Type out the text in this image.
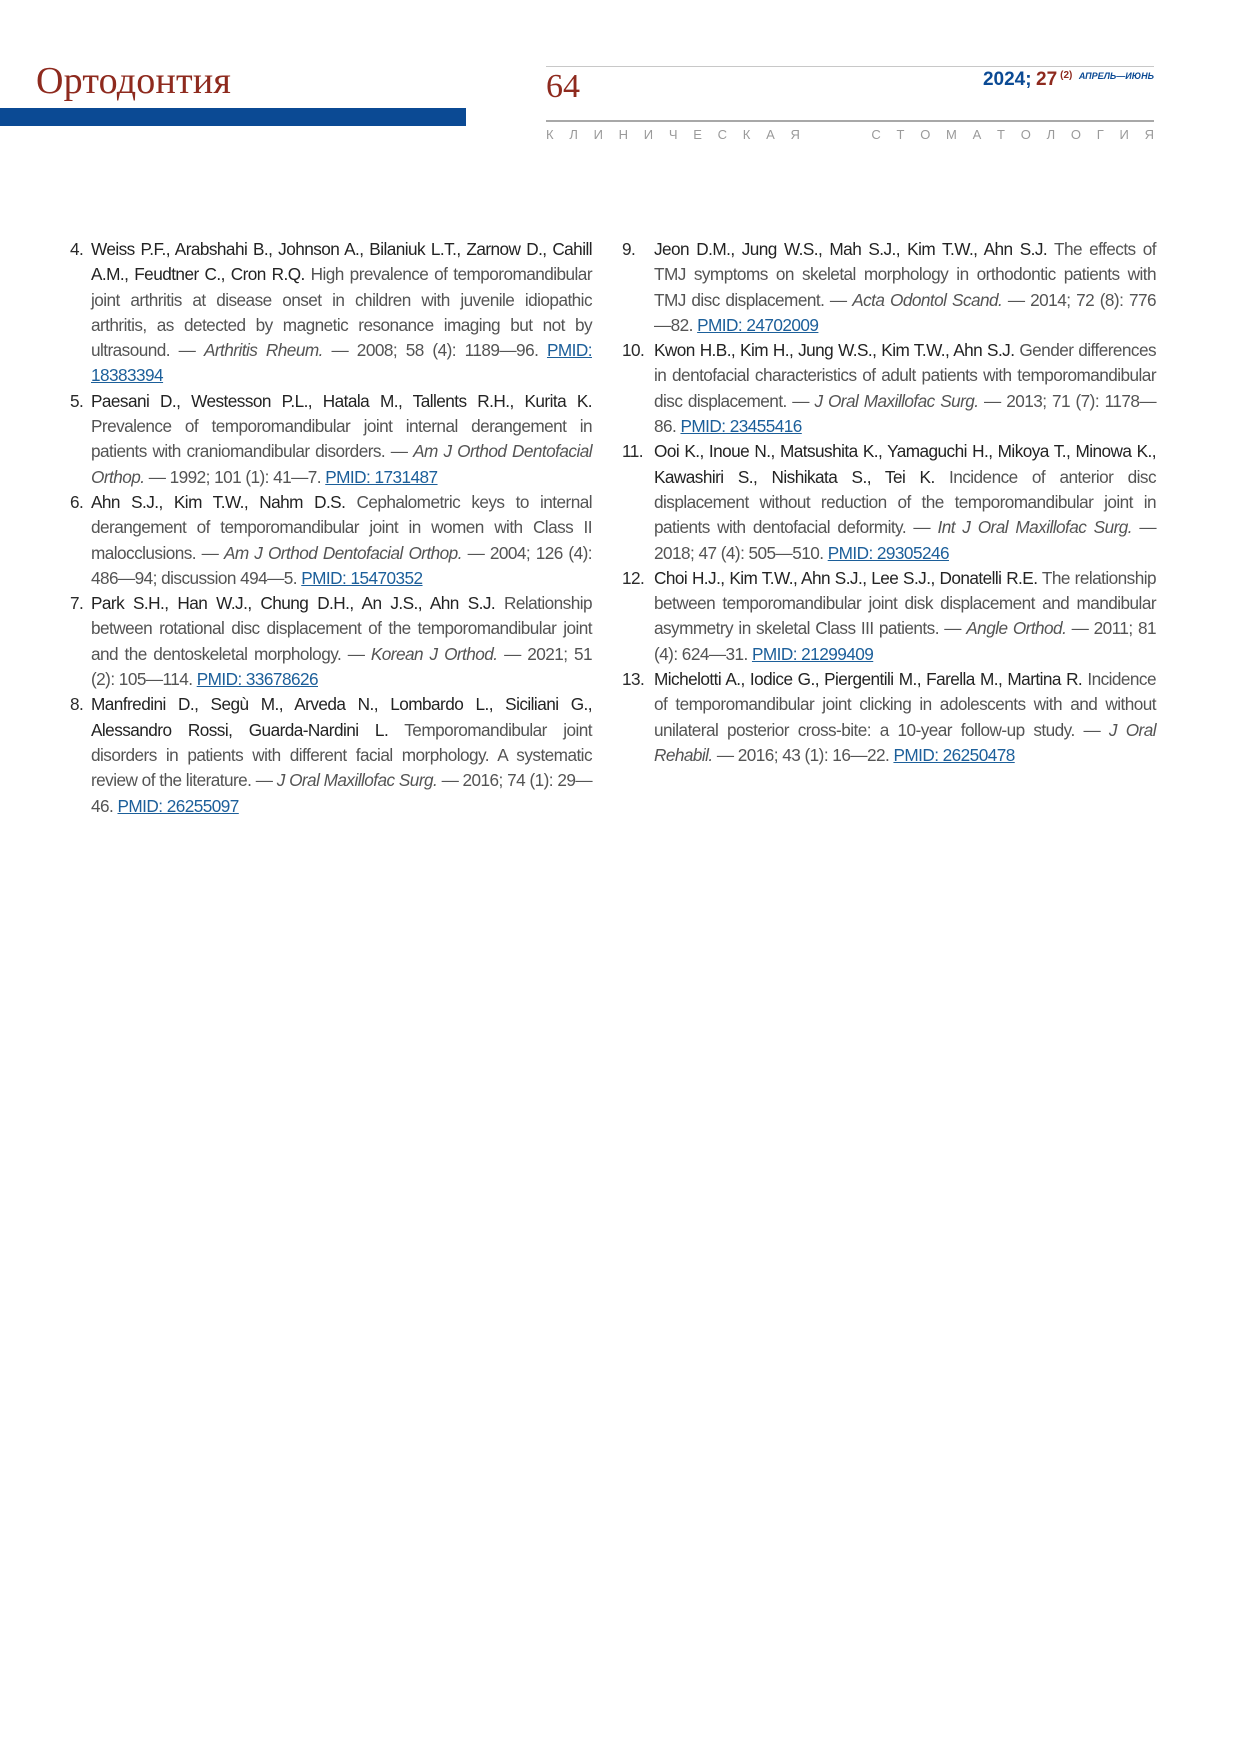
Ортодонтия	64	2024; 27 $^{(2)}$ $^{АПРЕЛЬ—ИЮНЬ}$
К Л И Н И Ч Е С К А Я	С Т О М А Т О Л О Г И Я
4. Weiss P.F., Arabshahi B., Johnson A., Bilaniuk L.T., Zarnow D., Cahill A.M., Feudtner C., Cron R.Q. High prevalence of temporomandibular joint arthritis at disease onset in children with juvenile idiopathic arthritis, as detected by magnetic resonance imaging but not by ultrasound. — Arthritis Rheum. — 2008; 58 (4): 1189—96. PMID: 18383394
5. Paesani D., Westesson P.L., Hatala M., Tallents R.H., Kurita K. Prevalence of temporomandibular joint internal derangement in patients with craniomandibular disorders. — Am J Orthod Dentofacial Orthop. — 1992; 101 (1): 41—7. PMID: 1731487
6. Ahn S.J., Kim T.W., Nahm D.S. Cephalometric keys to internal derangement of temporomandibular joint in women with Class II malocclusions. — Am J Orthod Dentofacial Orthop. — 2004; 126 (4): 486—94; discussion 494—5. PMID: 15470352
7. Park S.H., Han W.J., Chung D.H., An J.S., Ahn S.J. Relationship between rotational disc displacement of the temporomandibular joint and the dentoskeletal morphology. — Korean J Orthod. — 2021; 51 (2): 105—114. PMID: 33678626
8. Manfredini D., Segù M., Arveda N., Lombardo L., Siciliani G., Alessandro Rossi, Guarda-Nardini L. Temporomandibular joint disorders in patients with different facial morphology. A systematic review of the literature. — J Oral Maxillofac Surg. — 2016; 74 (1): 29—46. PMID: 26255097
9. Jeon D.M., Jung W.S., Mah S.J., Kim T.W., Ahn S.J. The effects of TMJ symptoms on skeletal morphology in orthodontic patients with TMJ disc displacement. — Acta Odontol Scand. — 2014; 72 (8): 776—82. PMID: 24702009
10. Kwon H.B., Kim H., Jung W.S., Kim T.W., Ahn S.J. Gender differences in dentofacial characteristics of adult patients with temporomandibular disc displacement. — J Oral Maxillofac Surg. — 2013; 71 (7): 1178—86. PMID: 23455416
11. Ooi K., Inoue N., Matsushita K., Yamaguchi H., Mikoya T., Minowa K., Kawashiri S., Nishikata S., Tei K. Incidence of anterior disc displacement without reduction of the temporomandibular joint in patients with dentofacial deformity. — Int J Oral Maxillofac Surg. — 2018; 47 (4): 505—510. PMID: 29305246
12. Choi H.J., Kim T.W., Ahn S.J., Lee S.J., Donatelli R.E. The relationship between temporomandibular joint disk displacement and mandibular asymmetry in skeletal Class III patients. — Angle Orthod. — 2011; 81 (4): 624—31. PMID: 21299409
13. Michelotti A., Iodice G., Piergentili M., Farella M., Martina R. Incidence of temporomandibular joint clicking in adolescents with and without unilateral posterior cross-bite: a 10-year follow-up study. — J Oral Rehabil. — 2016; 43 (1): 16—22. PMID: 26250478
